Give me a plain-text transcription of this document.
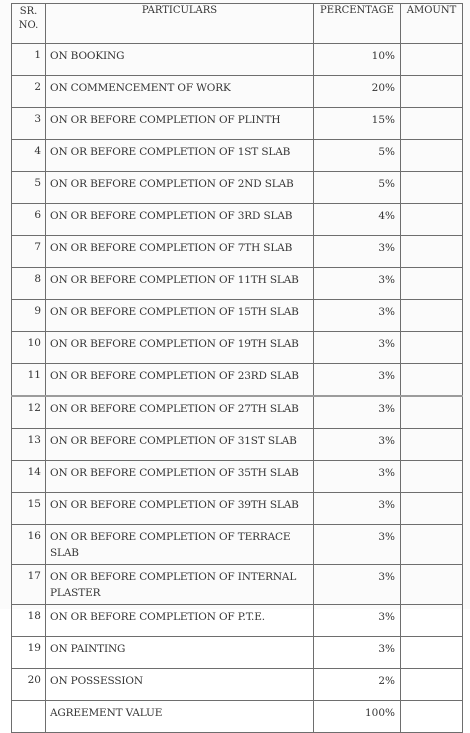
SR.
NO.	PARTICULARS	PERCENTAGE	AMOUNT
1	ON BOOKING	10%	
2	ON COMMENCEMENT OF WORK	20%	
3	ON OR BEFORE COMPLETION OF PLINTH	15%	
4	ON OR BEFORE COMPLETION OF 1ST SLAB	5%	
5	ON OR BEFORE COMPLETION OF 2ND SLAB	5%	
6	ON OR BEFORE COMPLETION OF 3RD SLAB	4%	
7	ON OR BEFORE COMPLETION OF 7TH SLAB	3%	
8	ON OR BEFORE COMPLETION OF 11TH SLAB	3%	
9	ON OR BEFORE COMPLETION OF 15TH SLAB	3%	
10	ON OR BEFORE COMPLETION OF 19TH SLAB	3%	
11	ON OR BEFORE COMPLETION OF 23RD SLAB	3%	
12	ON OR BEFORE COMPLETION OF 27TH SLAB	3%	
13	ON OR BEFORE COMPLETION OF 31ST SLAB	3%	
14	ON OR BEFORE COMPLETION OF 35TH SLAB	3%	
15	ON OR BEFORE COMPLETION OF 39TH SLAB	3%	
16	ON OR BEFORE COMPLETION OF TERRACE SLAB	3%	
17	ON OR BEFORE COMPLETION OF INTERNAL PLASTER	3%	
18	ON OR BEFORE COMPLETION OF P.T.E.	3%	
19	ON PAINTING	3%	
20	ON POSSESSION	2%	
	AGREEMENT VALUE	100%	
